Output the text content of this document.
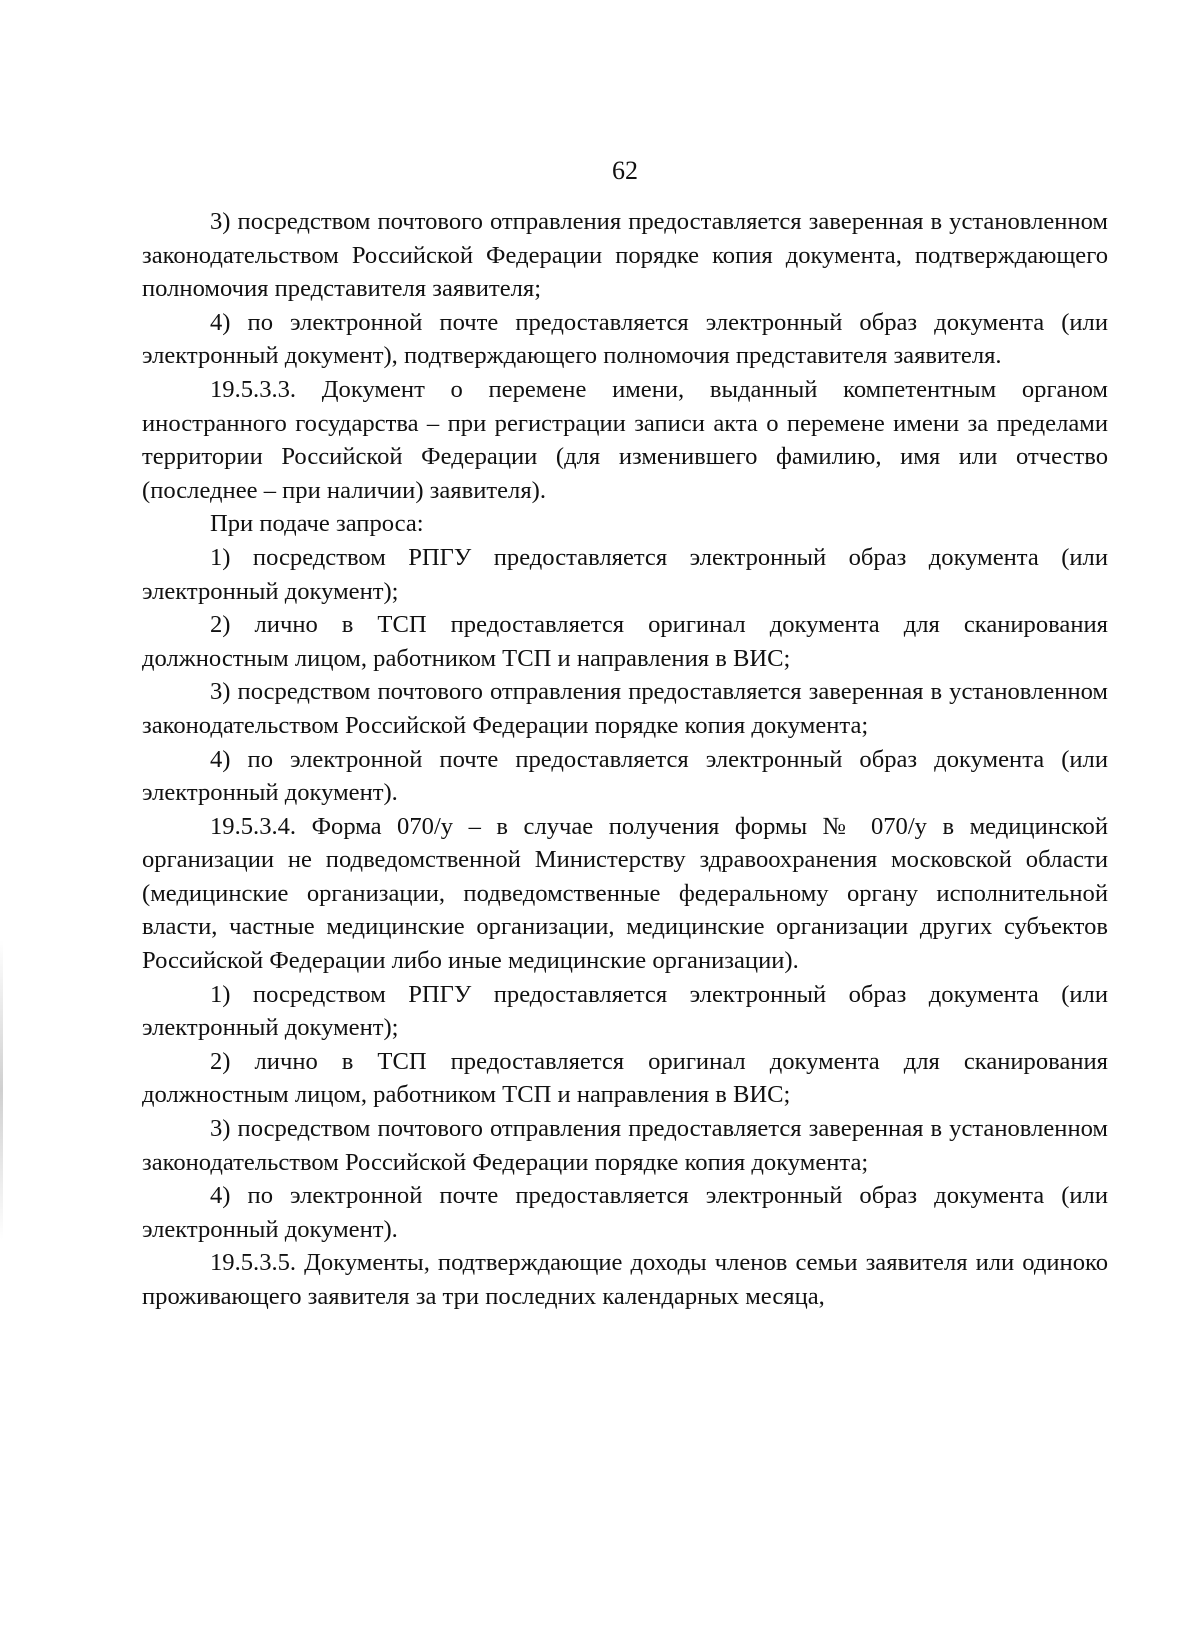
62

3) посредством почтового отправления предоставляется заверенная в установленном законодательством Российской Федерации порядке копия документа, подтверждающего полномочия представителя заявителя;

4) по электронной почте предоставляется электронный образ документа (или электронный документ), подтверждающего полномочия представителя заявителя.

19.5.3.3. Документ о перемене имени, выданный компетентным органом иностранного государства – при регистрации записи акта о перемене имени за пределами территории Российской Федерации (для изменившего фамилию, имя или отчество (последнее – при наличии) заявителя).

При подаче запроса:

1) посредством РПГУ предоставляется электронный образ документа (или электронный документ);

2) лично в ТСП предоставляется оригинал документа для сканирования должностным лицом, работником ТСП и направления в ВИС;

3) посредством почтового отправления предоставляется заверенная в установленном законодательством Российской Федерации порядке копия документа;

4) по электронной почте предоставляется электронный образ документа (или электронный документ).

19.5.3.4. Форма 070/у – в случае получения формы № 070/у в медицинской организации не подведомственной Министерству здравоохранения московской области (медицинские организации, подведомственные федеральному органу исполнительной власти, частные медицинские организации, медицинские организации других субъектов Российской Федерации либо иные медицинские организации).

1) посредством РПГУ предоставляется электронный образ документа (или электронный документ);

2) лично в ТСП предоставляется оригинал документа для сканирования должностным лицом, работником ТСП и направления в ВИС;

3) посредством почтового отправления предоставляется заверенная в установленном законодательством Российской Федерации порядке копия документа;

4) по электронной почте предоставляется электронный образ документа (или электронный документ).

19.5.3.5. Документы, подтверждающие доходы членов семьи заявителя или одиноко проживающего заявителя за три последних календарных месяца,
